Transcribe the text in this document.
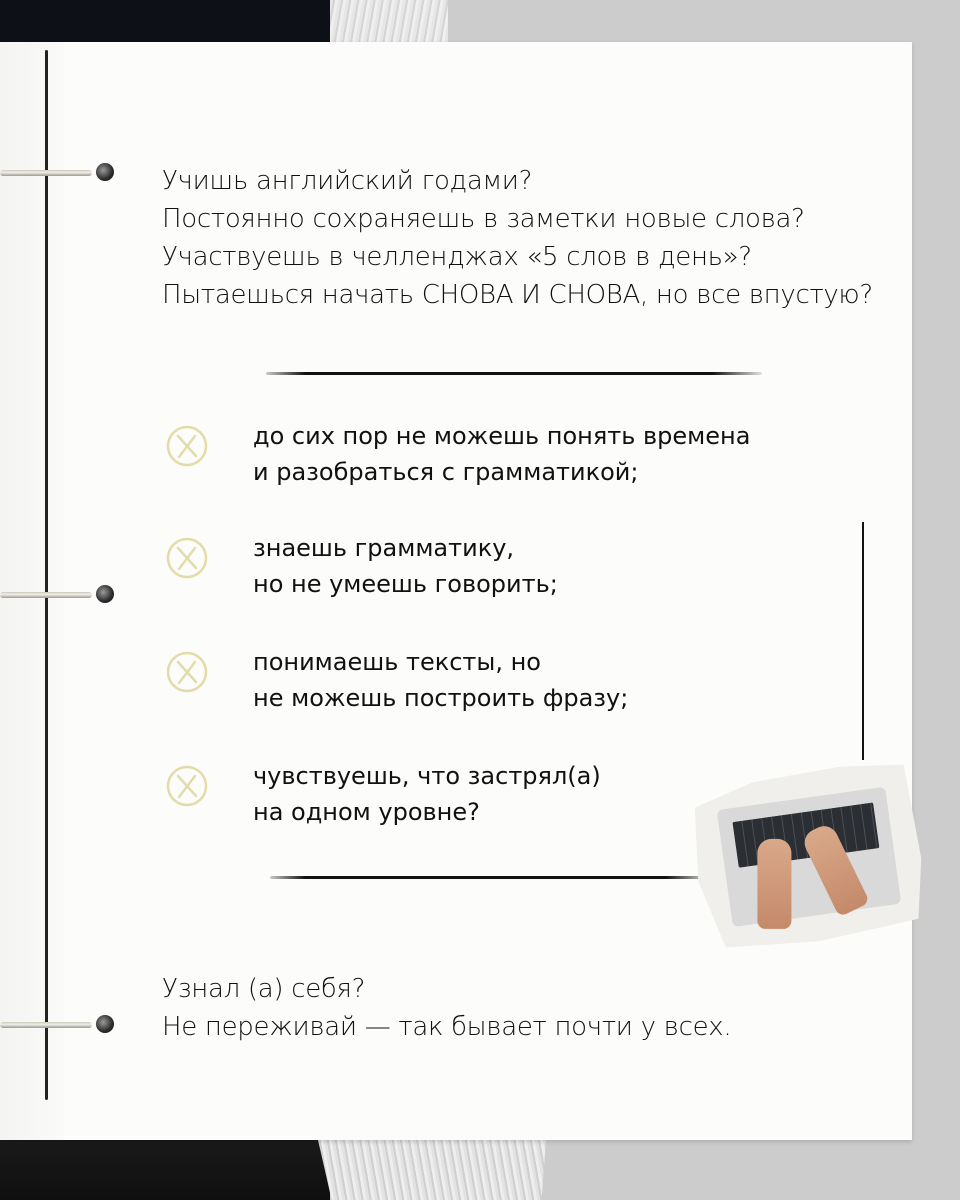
Учишь английский годами?
Постоянно сохраняешь в заметки новые слова?
Участвуешь в челленджах «5 слов в день»?
Пытаешься начать СНОВА И СНОВА, но все впустую?
до сих пор не можешь понять времена
и разобраться с грамматикой;
знаешь грамматику,
но не умеешь говорить;
понимаешь тексты, но
не можешь построить фразу;
чувствуешь, что застрял(а)
на одном уровне?
Узнал (а) себя?
Не переживай — так бывает почти у всех.
